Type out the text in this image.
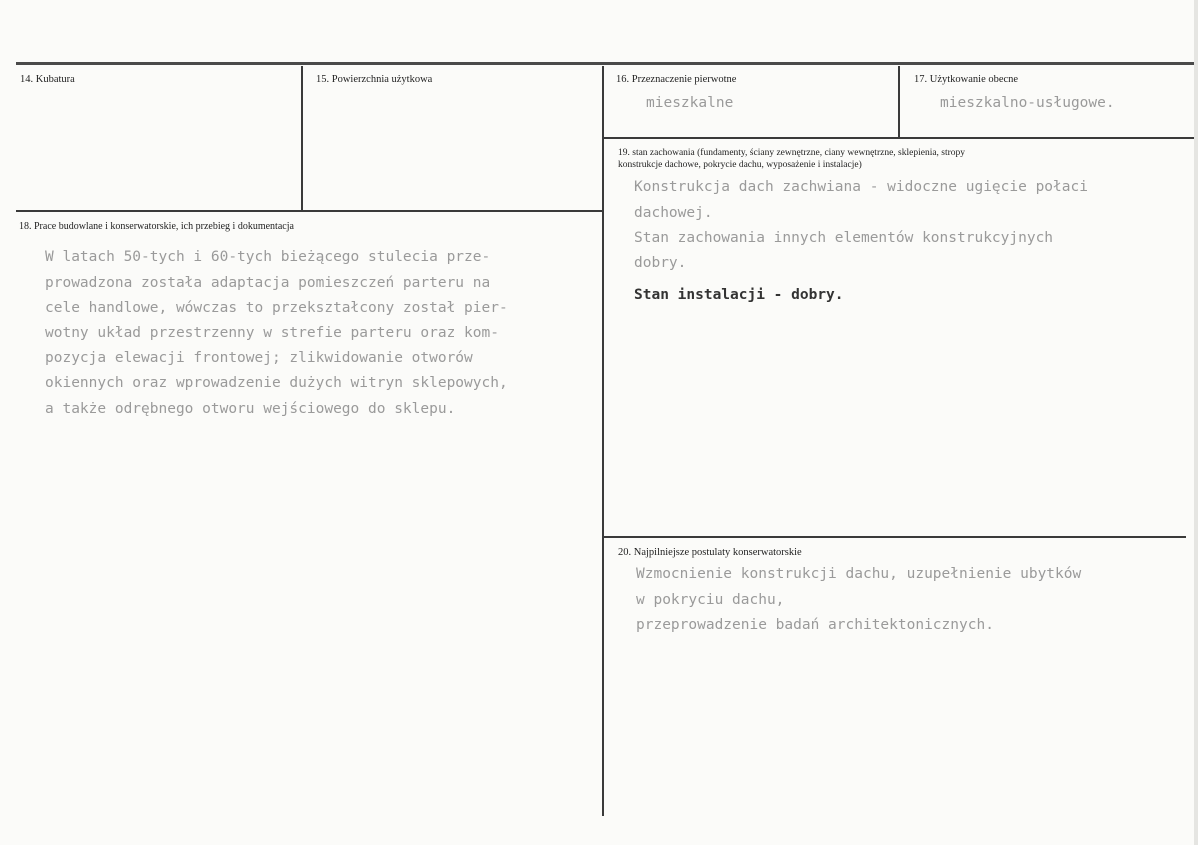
14. Kubatura	15. Powierzchnia użytkowa	16. Przeznaczenie pierwotne
mieszkalne
17. Użytkowanie obecne
mieszkalno-usługowe.
18. Prace budowlane i konserwatorskie, ich przebieg i dokumentacja
W latach 50-tych i 60-tych bieżącego stulecia prze-
prowadzona została adaptacja pomieszczeń parteru na
cele handlowe, wówczas to przekształcony został pier-
wotny układ przestrzenny w strefie parteru oraz kom-
pozycja elewacji frontowej; zlikwidowanie otworów
okiennych oraz wprowadzenie dużych witryn sklepowych,
a także odrębnego otworu wejściowego do sklepu.
19. stan zachowania (fundamenty, ściany zewnętrzne, ciany wewnętrzne, sklepienia, stropy
konstrukcje dachowe, pokrycie dachu, wyposażenie i instalacje)
Konstrukcja dach zachwiana - widoczne ugięcie połaci
dachowej.
Stan zachowania innych elementów konstrukcyjnych
dobry.
Stan instalacji - dobry.
20. Najpilniejsze postulaty konserwatorskie
Wzmocnienie konstrukcji dachu, uzupełnienie ubytków
w pokryciu dachu,
przeprowadzenie badań architektonicznych.
